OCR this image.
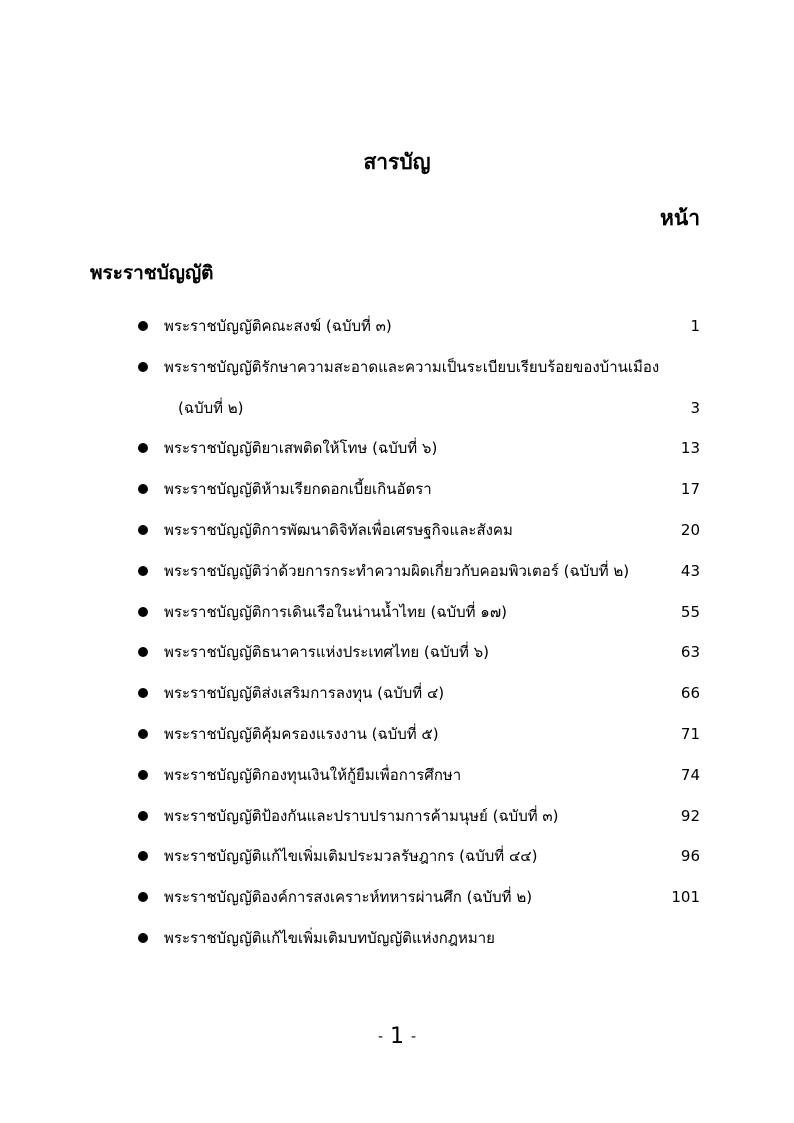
สารบัญ
หน้า
พระราชบัญญัติ
พระราชบัญญัติคณะสงฆ์ (ฉบับที่ ๓)	1
พระราชบัญญัติรักษาความสะอาดและความเป็นระเบียบเรียบร้อยของบ้านเมือง
(ฉบับที่ ๒)	3
พระราชบัญญัติยาเสพติดให้โทษ (ฉบับที่ ๖)	13
พระราชบัญญัติห้ามเรียกดอกเบี้ยเกินอัตรา	17
พระราชบัญญัติการพัฒนาดิจิทัลเพื่อเศรษฐกิจและสังคม	20
พระราชบัญญัติว่าด้วยการกระทำความผิดเกี่ยวกับคอมพิวเตอร์ (ฉบับที่ ๒)	43
พระราชบัญญัติการเดินเรือในน่านน้ำไทย (ฉบับที่ ๑๗)	55
พระราชบัญญัติธนาคารแห่งประเทศไทย (ฉบับที่ ๖)	63
พระราชบัญญัติส่งเสริมการลงทุน (ฉบับที่ ๔)	66
พระราชบัญญัติคุ้มครองแรงงาน (ฉบับที่ ๕)	71
พระราชบัญญัติกองทุนเงินให้กู้ยืมเพื่อการศึกษา	74
พระราชบัญญัติป้องกันและปราบปรามการค้ามนุษย์ (ฉบับที่ ๓)	92
พระราชบัญญัติแก้ไขเพิ่มเติมประมวลรัษฎากร (ฉบับที่ ๔๔)	96
พระราชบัญญัติองค์การสงเคราะห์ทหารผ่านศึก (ฉบับที่ ๒)	101
พระราชบัญญัติแก้ไขเพิ่มเติมบทบัญญัติแห่งกฎหมาย
- 1 -
